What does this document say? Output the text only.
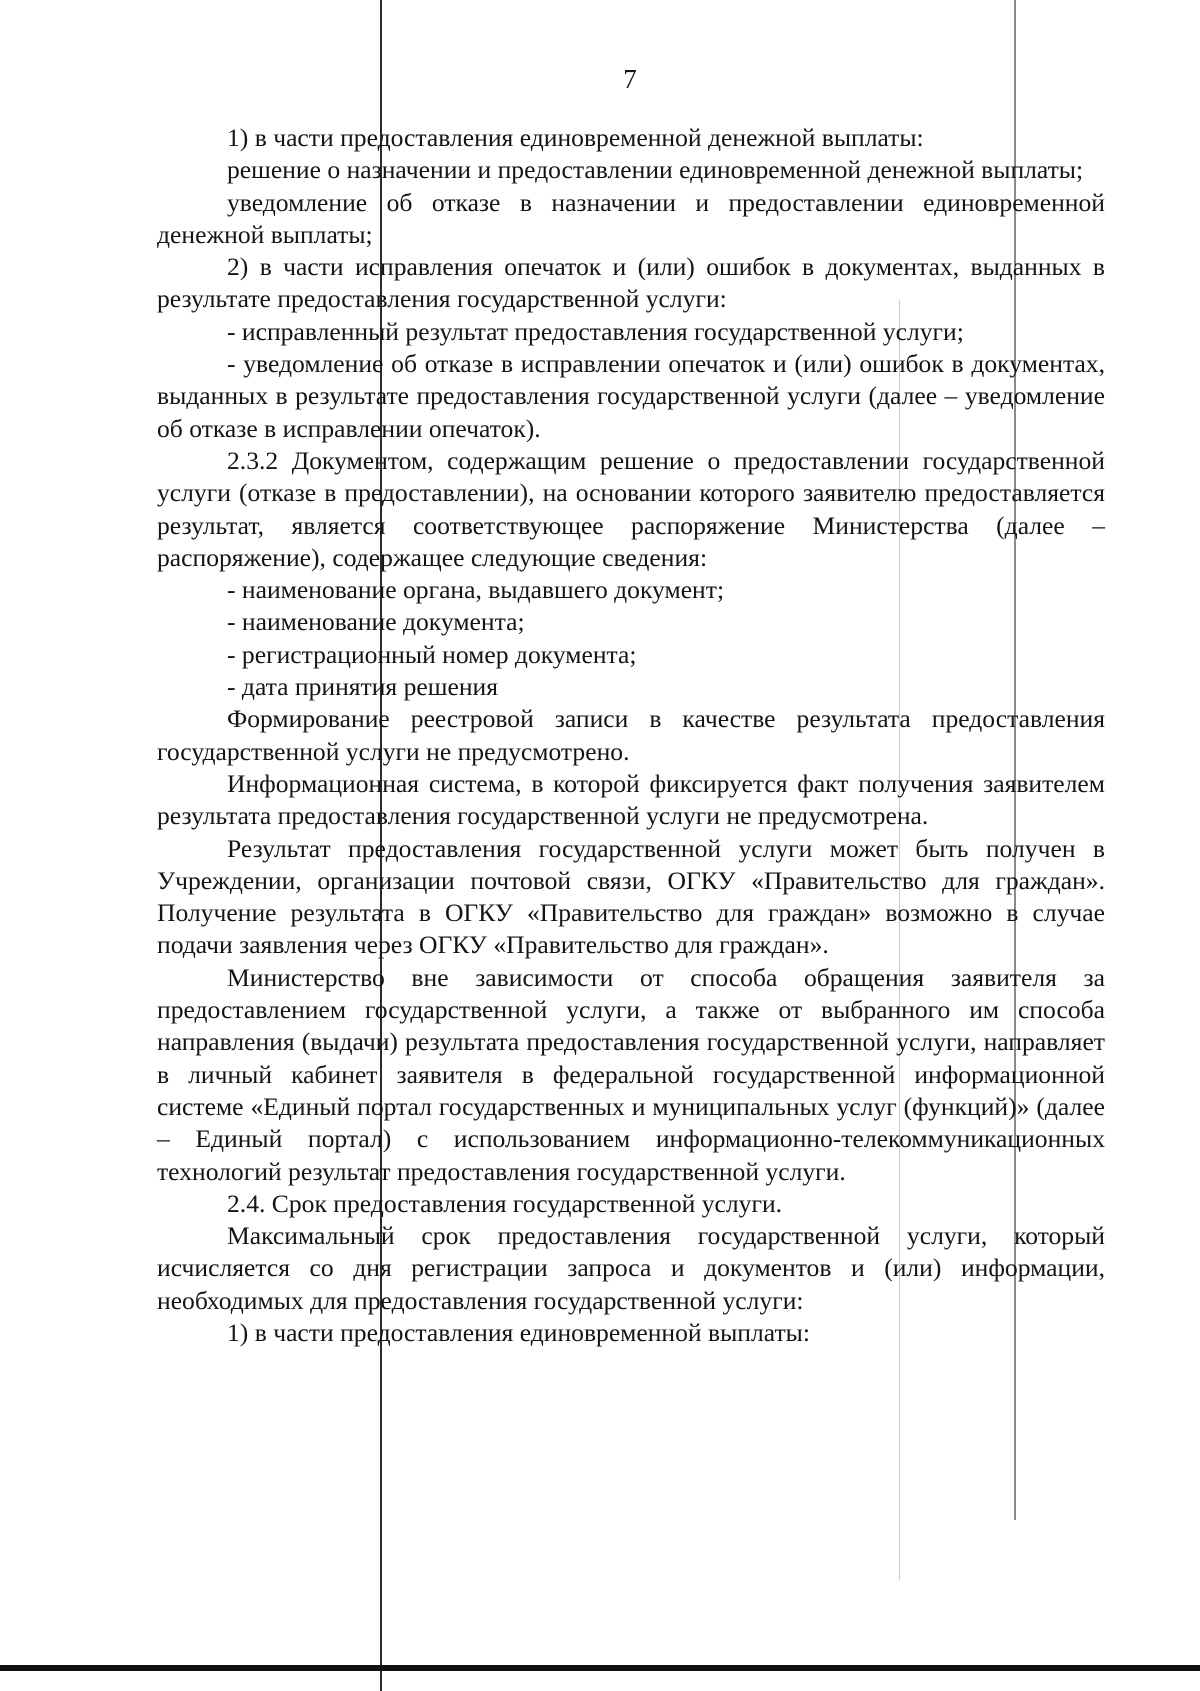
7

1) в части предоставления единовременной денежной выплаты:

решение о назначении и предоставлении единовременной денежной выплаты;

уведомление об отказе в назначении и предоставлении единовременной денежной выплаты;

2) в части исправления опечаток и (или) ошибок в документах, выданных в результате предоставления государственной услуги:

- исправленный результат предоставления государственной услуги;

- уведомление об отказе в исправлении опечаток и (или) ошибок в документах, выданных в результате предоставления государственной услуги (далее – уведомление об отказе в исправлении опечаток).

2.3.2 Документом, содержащим решение о предоставлении государственной услуги (отказе в предоставлении), на основании которого заявителю предоставляется результат, является соответствующее распоряжение Министерства (далее – распоряжение), содержащее следующие сведения:

- наименование органа, выдавшего документ;

- наименование документа;

- регистрационный номер документа;

- дата принятия решения

Формирование реестровой записи в качестве результата предоставления государственной услуги не предусмотрено.

Информационная система, в которой фиксируется факт получения заявителем результата предоставления государственной услуги не предусмотрена.

Результат предоставления государственной услуги может быть получен в Учреждении, организации почтовой связи, ОГКУ «Правительство для граждан». Получение результата в ОГКУ «Правительство для граждан» возможно в случае подачи заявления через ОГКУ «Правительство для граждан».

Министерство вне зависимости от способа обращения заявителя за предоставлением государственной услуги, а также от выбранного им способа направления (выдачи) результата предоставления государственной услуги, направляет в личный кабинет заявителя в федеральной государственной информационной системе «Единый портал государственных и муниципальных услуг (функций)» (далее – Единый портал) с использованием информационно-телекоммуникационных технологий результат предоставления государственной услуги.

2.4. Срок предоставления государственной услуги.

Максимальный срок предоставления государственной услуги, который исчисляется со дня регистрации запроса и документов и (или) информации, необходимых для предоставления государственной услуги:

1) в части предоставления единовременной выплаты:
